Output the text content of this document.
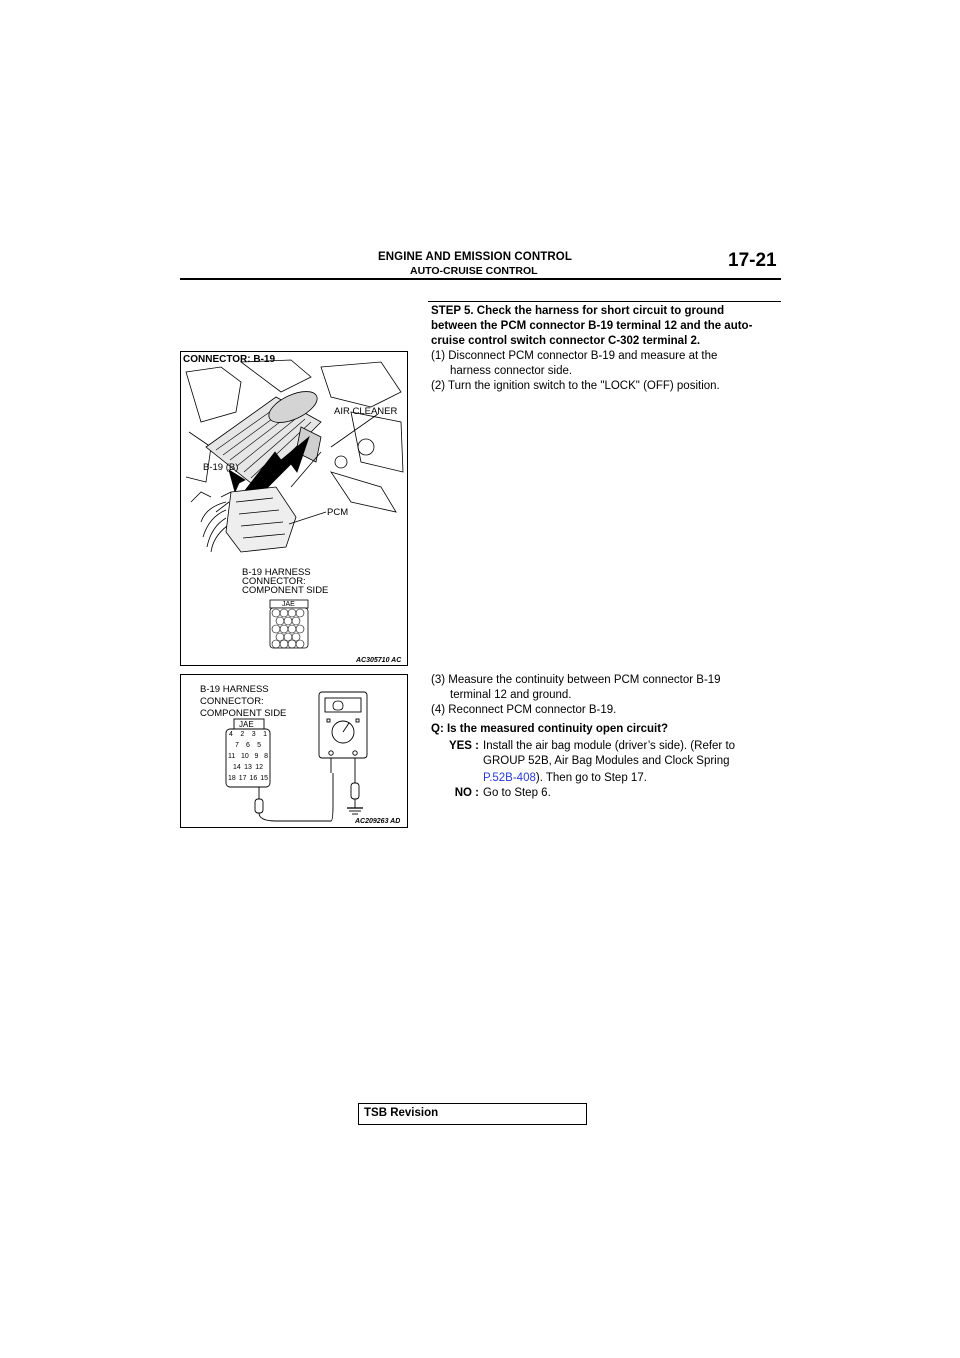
ENGINE AND EMISSION CONTROL
AUTO-CRUISE CONTROL	17-21
CONNECTOR: B-19
AIR CLEANER
B-19 (B)
PCM
B-19 HARNESS
CONNECTOR:
COMPONENT SIDE
JAE
AC305710 AC
B-19 HARNESS
CONNECTOR:
COMPONENT SIDE
JAE
4 2 3 1
7 6 5
11 10 9 8
14 13 12
18 17 16 15
AC209263 AD
STEP 5. Check the harness for short circuit to ground
between the PCM connector B-19 terminal 12 and the auto-
cruise control switch connector C-302 terminal 2.
(1) Disconnect PCM connector B-19 and measure at the
harness connector side.
(2) Turn the ignition switch to the "LOCK" (OFF) position.
(3) Measure the continuity between PCM connector B-19
terminal 12 and ground.
(4) Reconnect PCM connector B-19.
Q: Is the measured continuity open circuit?
YES : Install the air bag module (driver’s side). (Refer to
GROUP 52B, Air Bag Modules and Clock Spring
P.52B-408). Then go to Step 17.
NO : Go to Step 6.
TSB Revision
